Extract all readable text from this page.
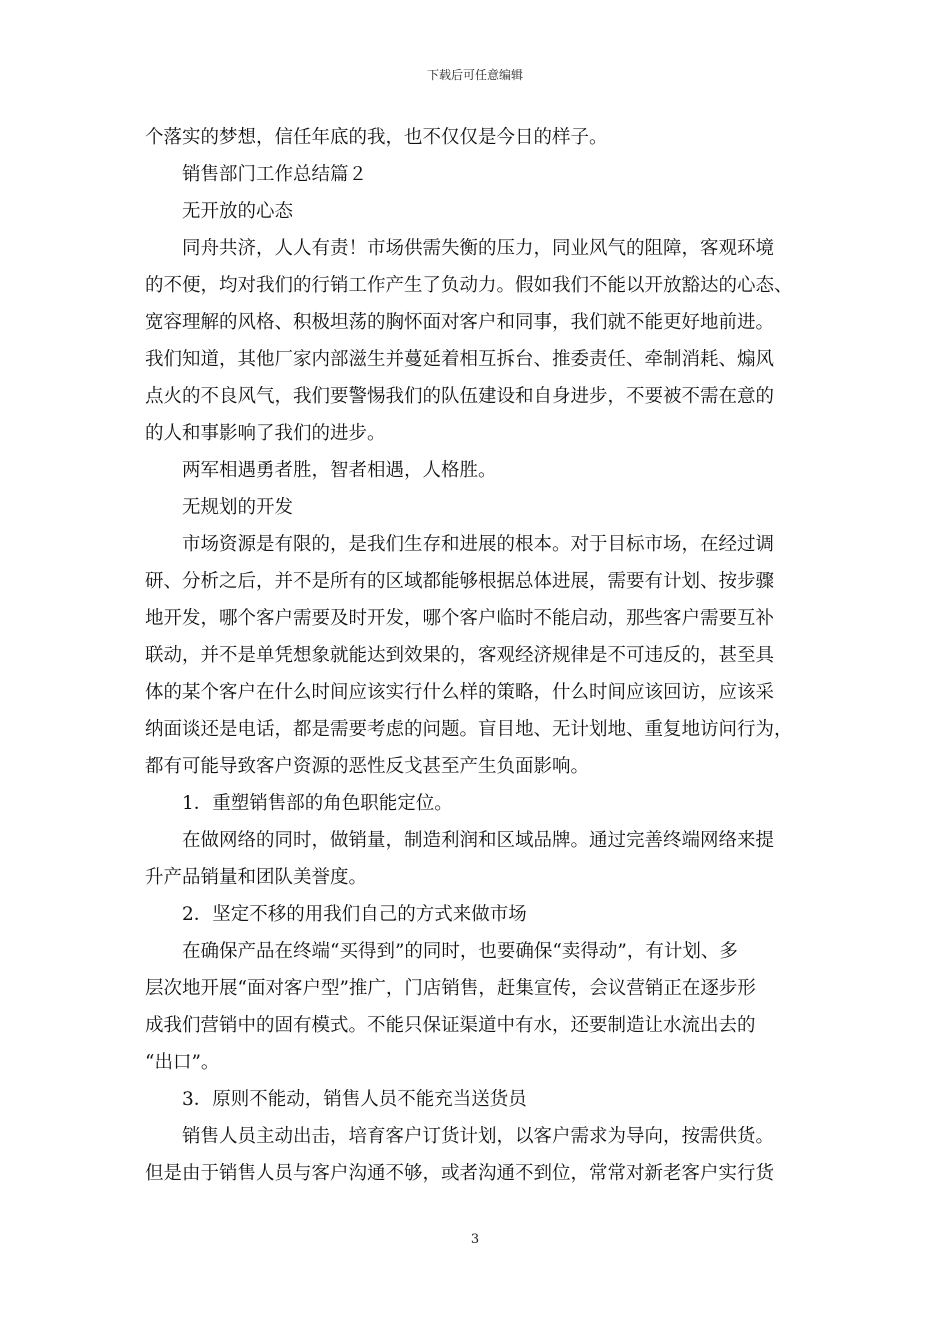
下载后可任意编辑
个落实的梦想，信任年底的我，也不仅仅是今日的样子。
销售部门工作总结篇２
无开放的心态
同舟共济，人人有责！市场供需失衡的压力，同业风气的阻障，客观环境
的不便，均对我们的行销工作产生了负动力。假如我们不能以开放豁达的心态、
宽容理解的风格、积极坦荡的胸怀面对客户和同事，我们就不能更好地前进。
我们知道，其他厂家内部滋生并蔓延着相互拆台、推委责任、牵制消耗、煽风
点火的不良风气，我们要警惕我们的队伍建设和自身进步，不要被不需在意的
的人和事影响了我们的进步。
两军相遇勇者胜，智者相遇，人格胜。
无规划的开发
市场资源是有限的，是我们生存和进展的根本。对于目标市场，在经过调
研、分析之后，并不是所有的区域都能够根据总体进展，需要有计划、按步骤
地开发，哪个客户需要及时开发，哪个客户临时不能启动，那些客户需要互补
联动，并不是单凭想象就能达到效果的，客观经济规律是不可违反的，甚至具
体的某个客户在什么时间应该实行什么样的策略，什么时间应该回访，应该采
纳面谈还是电话，都是需要考虑的问题。盲目地、无计划地、重复地访问行为，
都有可能导致客户资源的恶性反戈甚至产生负面影响。
1．重塑销售部的角色职能定位。
在做网络的同时，做销量，制造利润和区域品牌。通过完善终端网络来提
升产品销量和团队美誉度。
2．坚定不移的用我们自己的方式来做市场
在确保产品在终端“买得到”的同时，也要确保“卖得动”，有计划、多
层次地开展“面对客户型”推广，门店销售，赶集宣传，会议营销正在逐步形
成我们营销中的固有模式。不能只保证渠道中有水，还要制造让水流出去的
“出口”。
3．原则不能动，销售人员不能充当送货员
销售人员主动出击，培育客户订货计划，以客户需求为导向，按需供货。
但是由于销售人员与客户沟通不够，或者沟通不到位，常常对新老客户实行货
3
